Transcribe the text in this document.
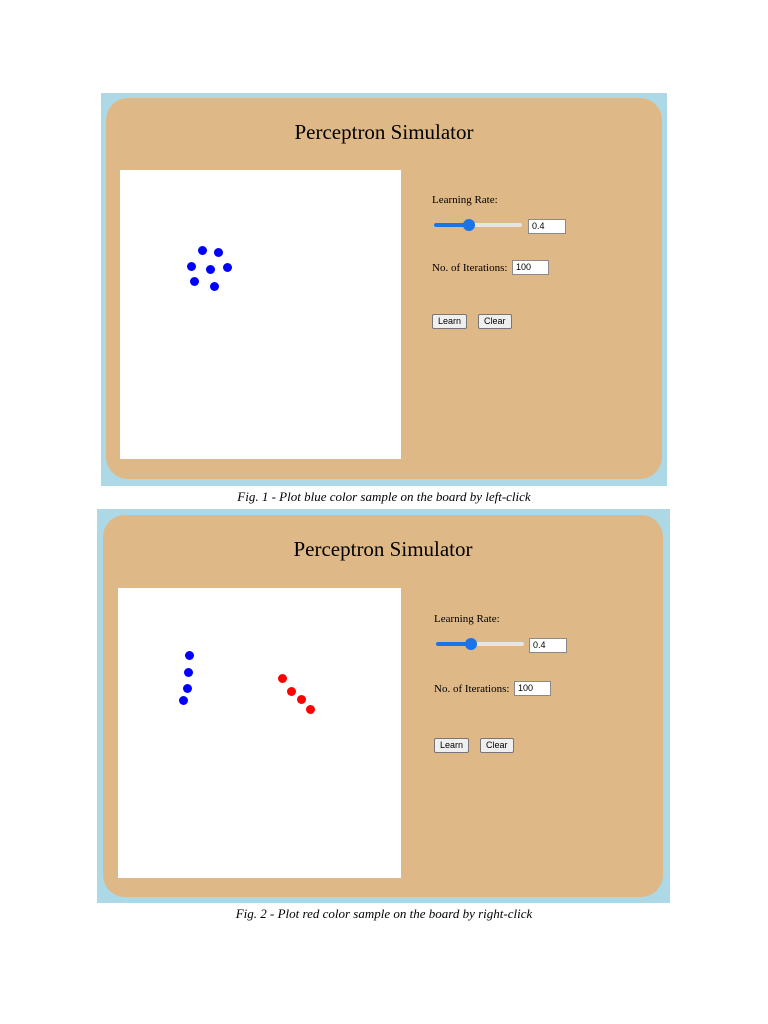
Perceptron Simulator
Learning Rate:
0.4
No. of Iterations: 100
Learn	Clear
Fig. 1 - Plot blue color sample on the board by left-click
Perceptron Simulator
Learning Rate:
0.4
No. of Iterations: 100
Learn	Clear
Fig. 2 - Plot red color sample on the board by right-click
